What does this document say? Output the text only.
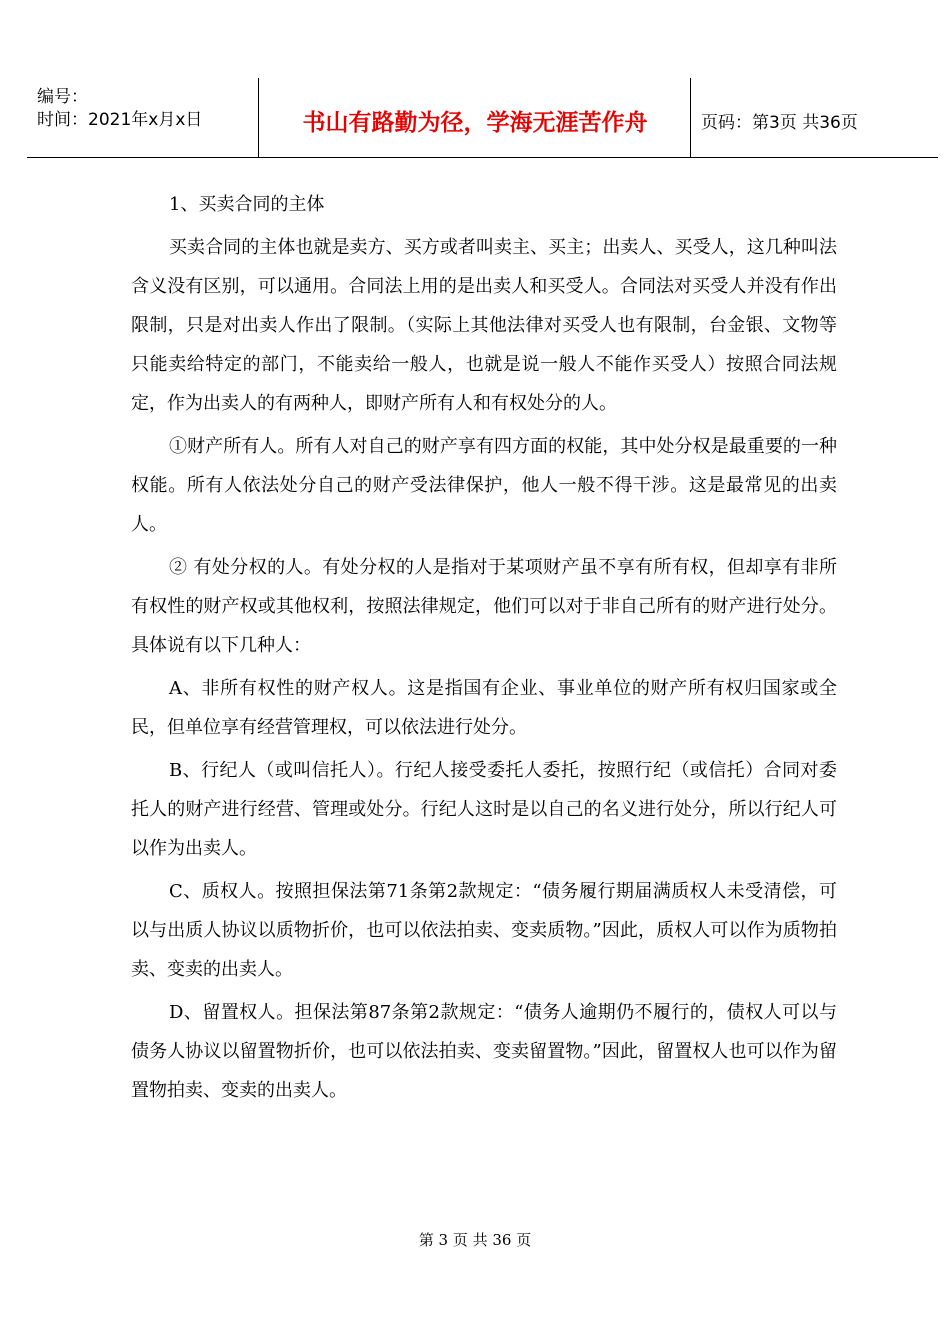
编号：
时间：2021年x月x日	书山有路勤为径，学海无涯苦作舟	页码：第3页 共36页

1、买卖合同的主体

买卖合同的主体也就是卖方、买方或者叫卖主、买主；出卖人、买受人，这几种叫法含义没有区别，可以通用。合同法上用的是出卖人和买受人。合同法对买受人并没有作出限制，只是对出卖人作出了限制。（实际上其他法律对买受人也有限制，台金银、文物等只能卖给特定的部门，不能卖给一般人，也就是说一般人不能作买受人）按照合同法规定，作为出卖人的有两种人，即财产所有人和有权处分的人。

①财产所有人。所有人对自己的财产享有四方面的权能，其中处分权是最重要的一种权能。所有人依法处分自己的财产受法律保护，他人一般不得干涉。这是最常见的出卖人。

② 有处分权的人。有处分权的人是指对于某项财产虽不享有所有权，但却享有非所有权性的财产权或其他权利，按照法律规定，他们可以对于非自己所有的财产进行处分。具体说有以下几种人：

A、非所有权性的财产权人。这是指国有企业、事业单位的财产所有权归国家或全民，但单位享有经营管理权，可以依法进行处分。

B、行纪人（或叫信托人）。行纪人接受委托人委托，按照行纪（或信托）合同对委托人的财产进行经营、管理或处分。行纪人这时是以自己的名义进行处分，所以行纪人可以作为出卖人。

C、质权人。按照担保法第71条第2款规定：“债务履行期届满质权人未受清偿，可以与出质人协议以质物折价，也可以依法拍卖、变卖质物。”因此，质权人可以作为质物拍卖、变卖的出卖人。

D、留置权人。担保法第87条第2款规定：“债务人逾期仍不履行的，债权人可以与债务人协议以留置物折价，也可以依法拍卖、变卖留置物。”因此，留置权人也可以作为留置物拍卖、变卖的出卖人。

第 3 页 共 36 页
